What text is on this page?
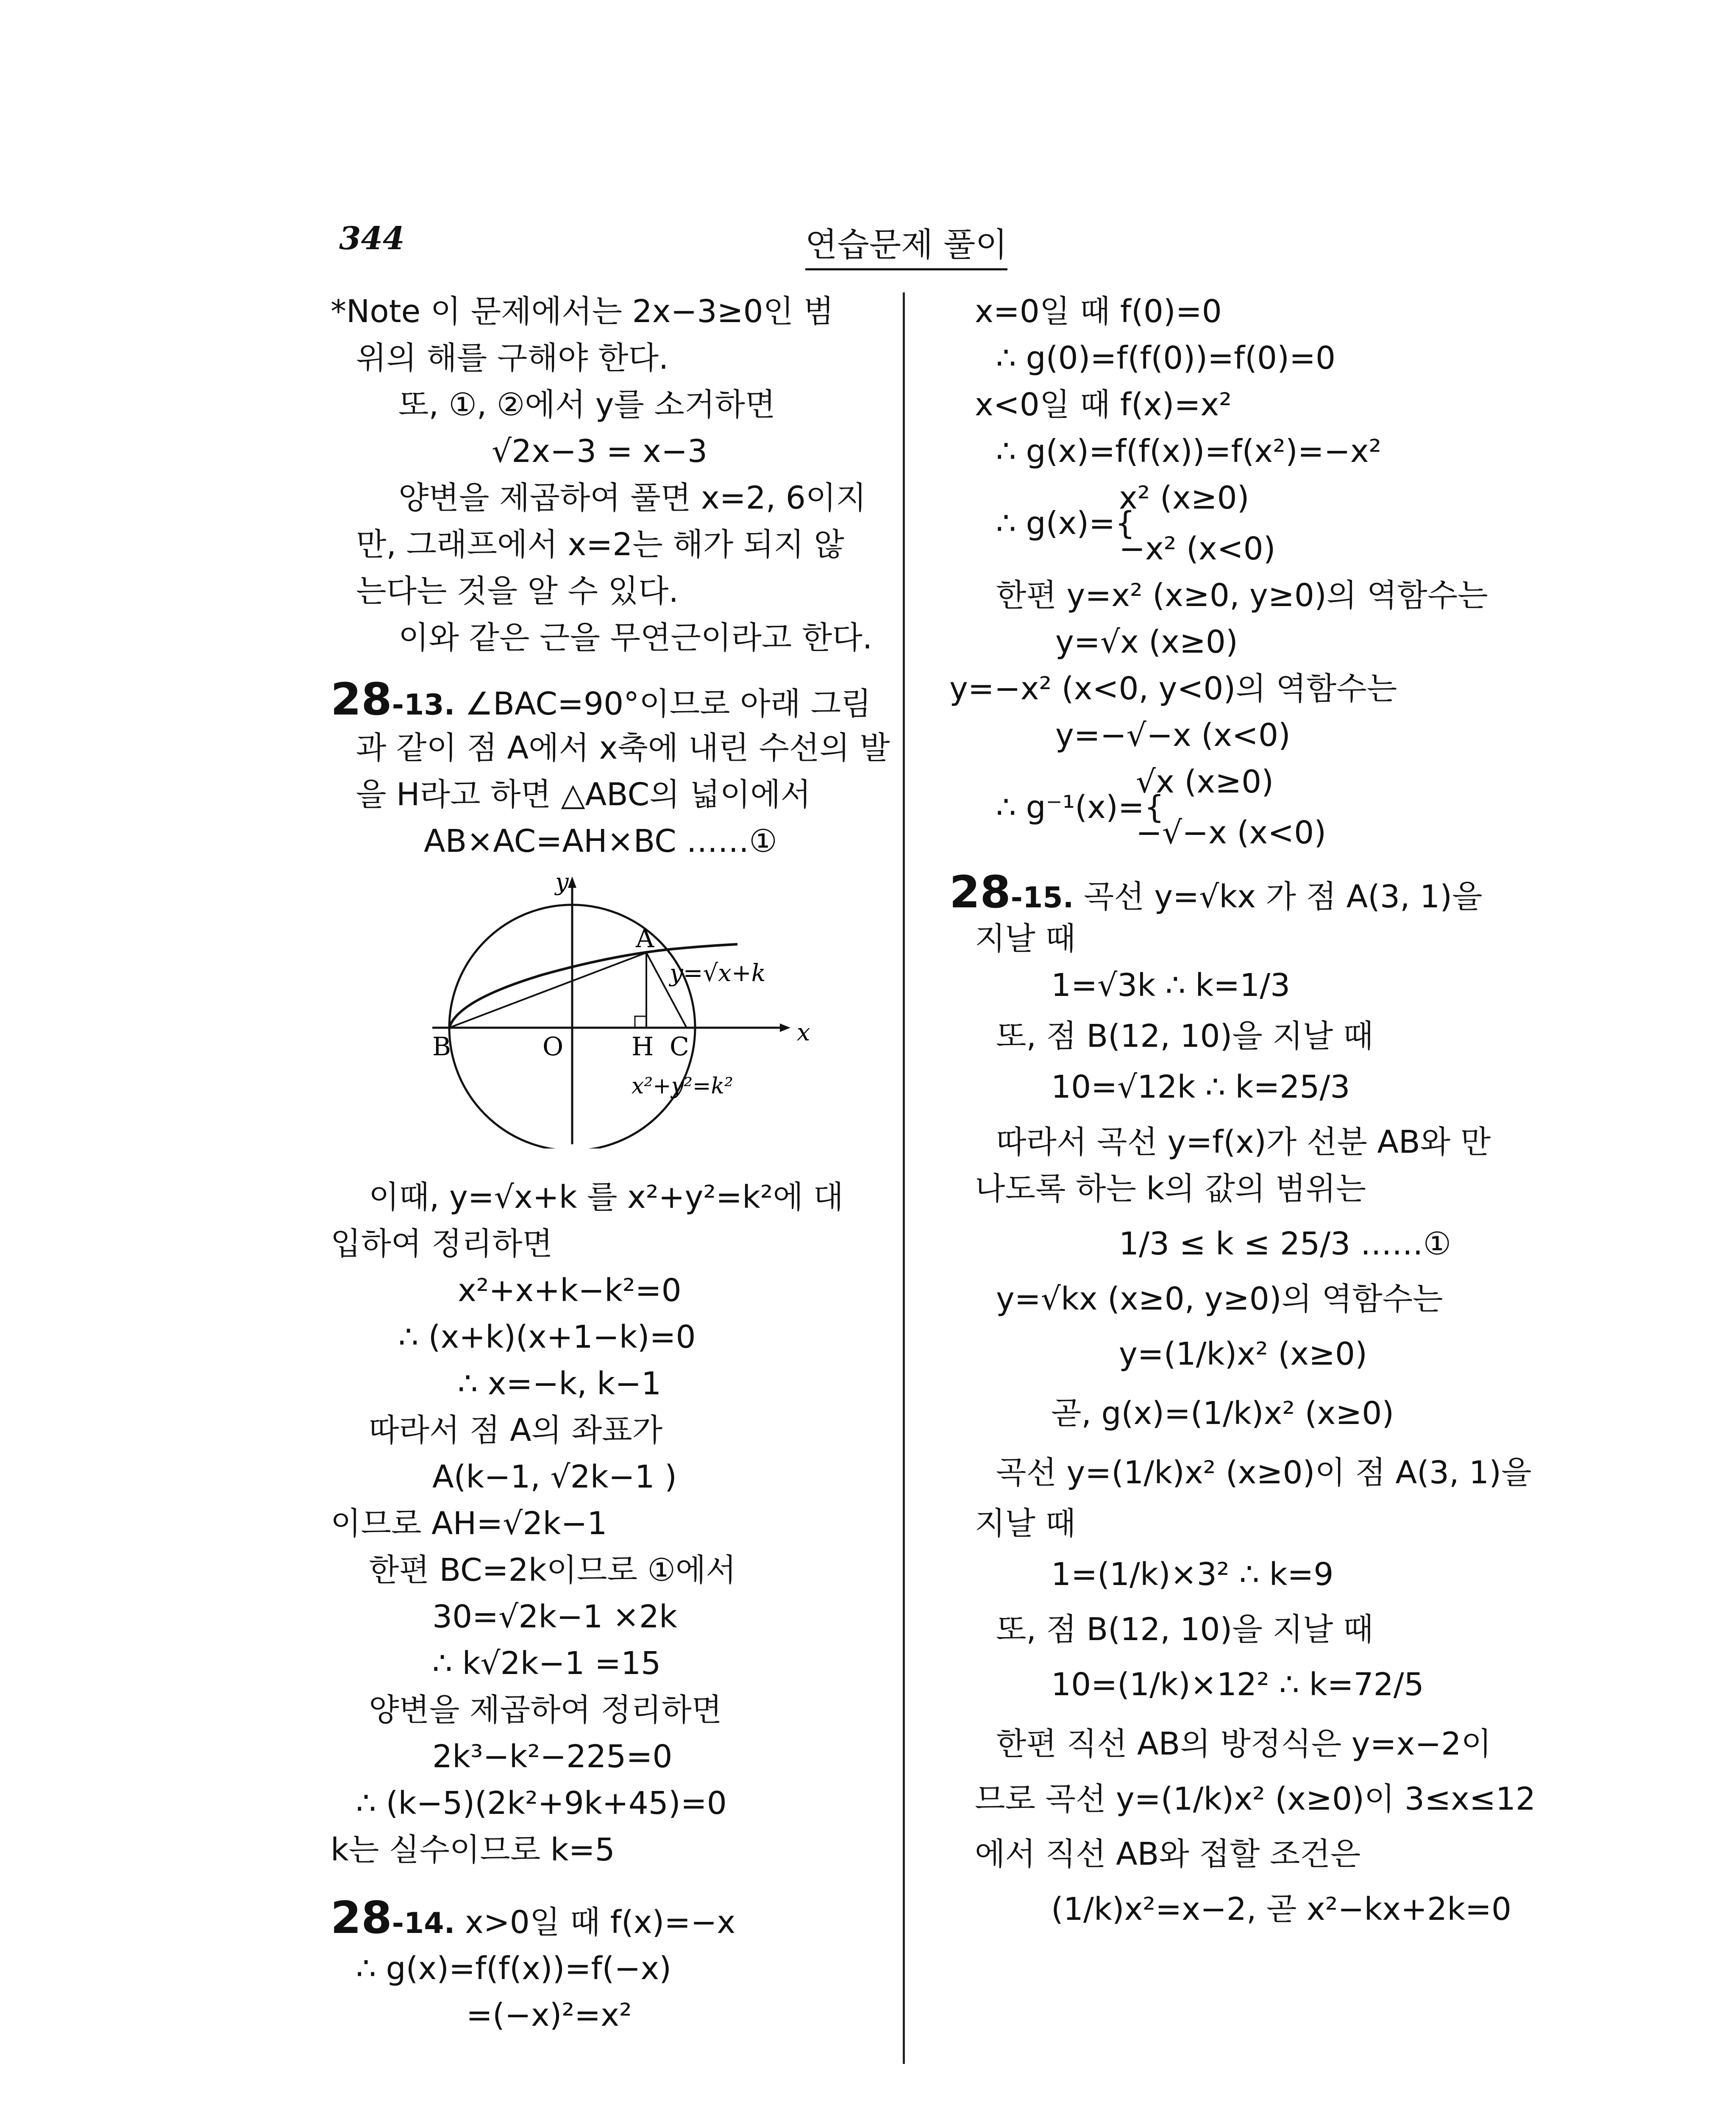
344	연습문제 풀이
y
x
A
B	O	H C
y=√x+k
x²+y²=k²
*Note 이 문제에서는 2x−3≥0인 범
위의 해를 구해야 한다.
또, ①, ②에서 y를 소거하면
√2x−3 = x−3
양변을 제곱하여 풀면 x=2, 6이지
만, 그래프에서 x=2는 해가 되지 않
는다는 것을 알 수 있다.
이와 같은 근을 무연근이라고 한다.
28-13. ∠BAC=90°이므로 아래 그림
과 같이 점 A에서 x축에 내린 수선의 발
을 H라고 하면 △ABC의 넓이에서
AB×AC=AH×BC ……①
이때, y=√x+k 를 x²+y²=k²에 대
입하여 정리하면
x²+x+k−k²=0
∴ (x+k)(x+1−k)=0
∴ x=−k, k−1
따라서 점 A의 좌표가
A(k−1, √2k−1 )
이므로 AH=√2k−1
한편 BC=2k이므로 ①에서
30=√2k−1 ×2k
∴ k√2k−1 =15
양변을 제곱하여 정리하면
2k³−k²−225=0
∴ (k−5)(2k²+9k+45)=0
k는 실수이므로 k=5
28-14. x>0일 때 f(x)=−x
∴ g(x)=f(f(x))=f(−x)
=(−x)²=x²
x=0일 때 f(0)=0
∴ g(0)=f(f(0))=f(0)=0
x<0일 때 f(x)=x²
∴ g(x)=f(f(x))=f(x²)=−x²
x² (x≥0)
∴ g(x)={
−x² (x<0)
한편 y=x² (x≥0, y≥0)의 역함수는
y=√x (x≥0)
y=−x² (x<0, y<0)의 역함수는
y=−√−x (x<0)
√x (x≥0)
∴ g⁻¹(x)={
−√−x (x<0)
28-15. 곡선 y=√kx 가 점 A(3, 1)을
지날 때
1=√3k ∴ k=1/3
또, 점 B(12, 10)을 지날 때
10=√12k ∴ k=25/3
따라서 곡선 y=f(x)가 선분 AB와 만
나도록 하는 k의 값의 범위는
1/3 ≤ k ≤ 25/3 ……①
y=√kx (x≥0, y≥0)의 역함수는
y=(1/k)x² (x≥0)
곧, g(x)=(1/k)x² (x≥0)
곡선 y=(1/k)x² (x≥0)이 점 A(3, 1)을
지날 때
1=(1/k)×3² ∴ k=9
또, 점 B(12, 10)을 지날 때
10=(1/k)×12² ∴ k=72/5
한편 직선 AB의 방정식은 y=x−2이
므로 곡선 y=(1/k)x² (x≥0)이 3≤x≤12
에서 직선 AB와 접할 조건은
(1/k)x²=x−2, 곧 x²−kx+2k=0
